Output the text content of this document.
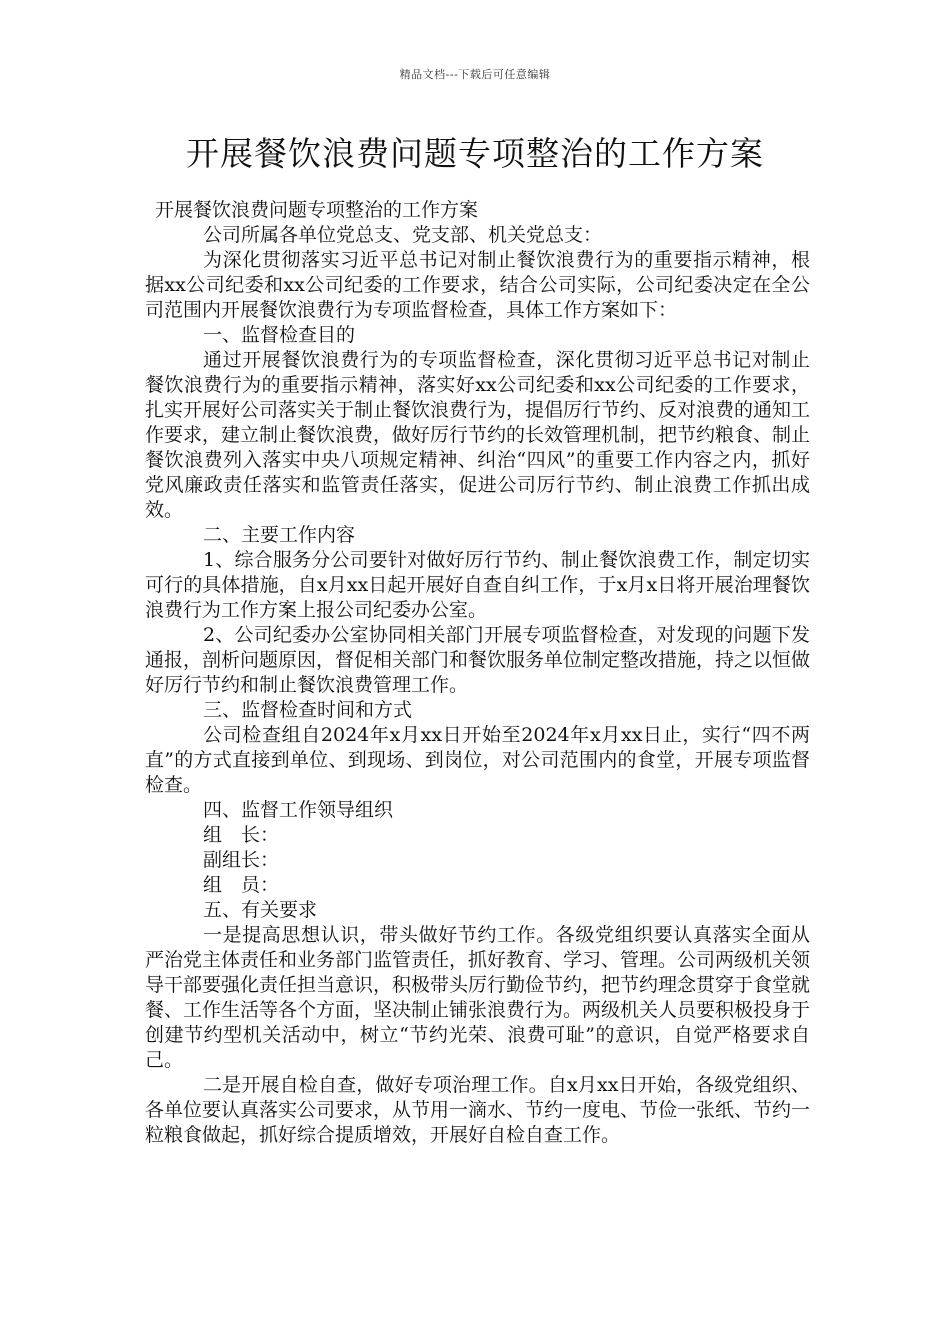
精品文档---下载后可任意编辑
开展餐饮浪费问题专项整治的工作方案

开展餐饮浪费问题专项整治的工作方案

公司所属各单位党总支、党支部、机关党总支：

为深化贯彻落实习近平总书记对制止餐饮浪费行为的重要指示精神，根据xx公司纪委和xx公司纪委的工作要求，结合公司实际，公司纪委决定在全公司范围内开展餐饮浪费行为专项监督检查，具体工作方案如下：

一、监督检查目的

通过开展餐饮浪费行为的专项监督检查，深化贯彻习近平总书记对制止餐饮浪费行为的重要指示精神，落实好xx公司纪委和xx公司纪委的工作要求，扎实开展好公司落实关于制止餐饮浪费行为，提倡厉行节约、反对浪费的通知工作要求，建立制止餐饮浪费，做好厉行节约的长效管理机制，把节约粮食、制止餐饮浪费列入落实中央八项规定精神、纠治“四风”的重要工作内容之内，抓好党风廉政责任落实和监管责任落实，促进公司厉行节约、制止浪费工作抓出成效。

二、主要工作内容

1、综合服务分公司要针对做好厉行节约、制止餐饮浪费工作，制定切实可行的具体措施，自x月xx日起开展好自查自纠工作，于x月x日将开展治理餐饮浪费行为工作方案上报公司纪委办公室。

2、公司纪委办公室协同相关部门开展专项监督检查，对发现的问题下发通报，剖析问题原因，督促相关部门和餐饮服务单位制定整改措施，持之以恒做好厉行节约和制止餐饮浪费管理工作。

三、监督检查时间和方式

公司检查组自2024年x月xx日开始至2024年x月xx日止，实行“四不两直”的方式直接到单位、到现场、到岗位，对公司范围内的食堂，开展专项监督检查。

四、监督工作领导组织

组　长：

副组长：

组　员：

五、有关要求

一是提高思想认识，带头做好节约工作。各级党组织要认真落实全面从严治党主体责任和业务部门监管责任，抓好教育、学习、管理。公司两级机关领导干部要强化责任担当意识，积极带头厉行勤俭节约，把节约理念贯穿于食堂就餐、工作生活等各个方面，坚决制止铺张浪费行为。两级机关人员要积极投身于创建节约型机关活动中，树立“节约光荣、浪费可耻”的意识，自觉严格要求自己。

二是开展自检自查，做好专项治理工作。自x月xx日开始，各级党组织、各单位要认真落实公司要求，从节用一滴水、节约一度电、节俭一张纸、节约一粒粮食做起，抓好综合提质增效，开展好自检自查工作。
